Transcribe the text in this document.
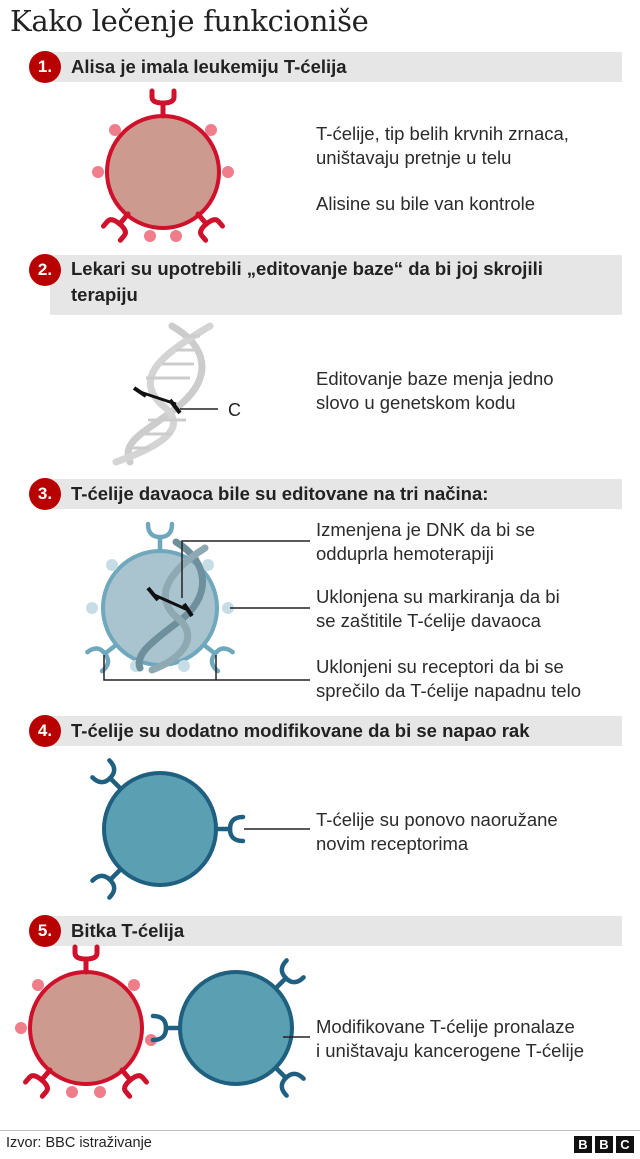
Kako lečenje funkcioniše
1.	Alisa je imala leukemiju T-ćelija
2.	Lekari su upotrebili „editovanje baze“ da bi joj skrojili
terapiju
3.	T-ćelije davaoca bile su editovane na tri načina:
4.	T-ćelije su dodatno modifikovane da bi se napao rak
5.	Bitka T-ćelija
C
T-ćelije, tip belih krvnih zrnaca,
uništavaju pretnje u telu
Alisine su bile van kontrole
Editovanje baze menja jedno
slovo u genetskom kodu
Izmenjena je DNK da bi se
odduprla hemoterapiji
Uklonjena su markiranja da bi
se zaštitile T-ćelije davaoca
Uklonjeni su receptori da bi se
sprečilo da T-ćelije napadnu telo
T-ćelije su ponovo naoružane
novim receptorima
Modifikovane T-ćelije pronalaze
i uništavaju kancerogene T-ćelije
Izvor: BBC istraživanje	B B C
